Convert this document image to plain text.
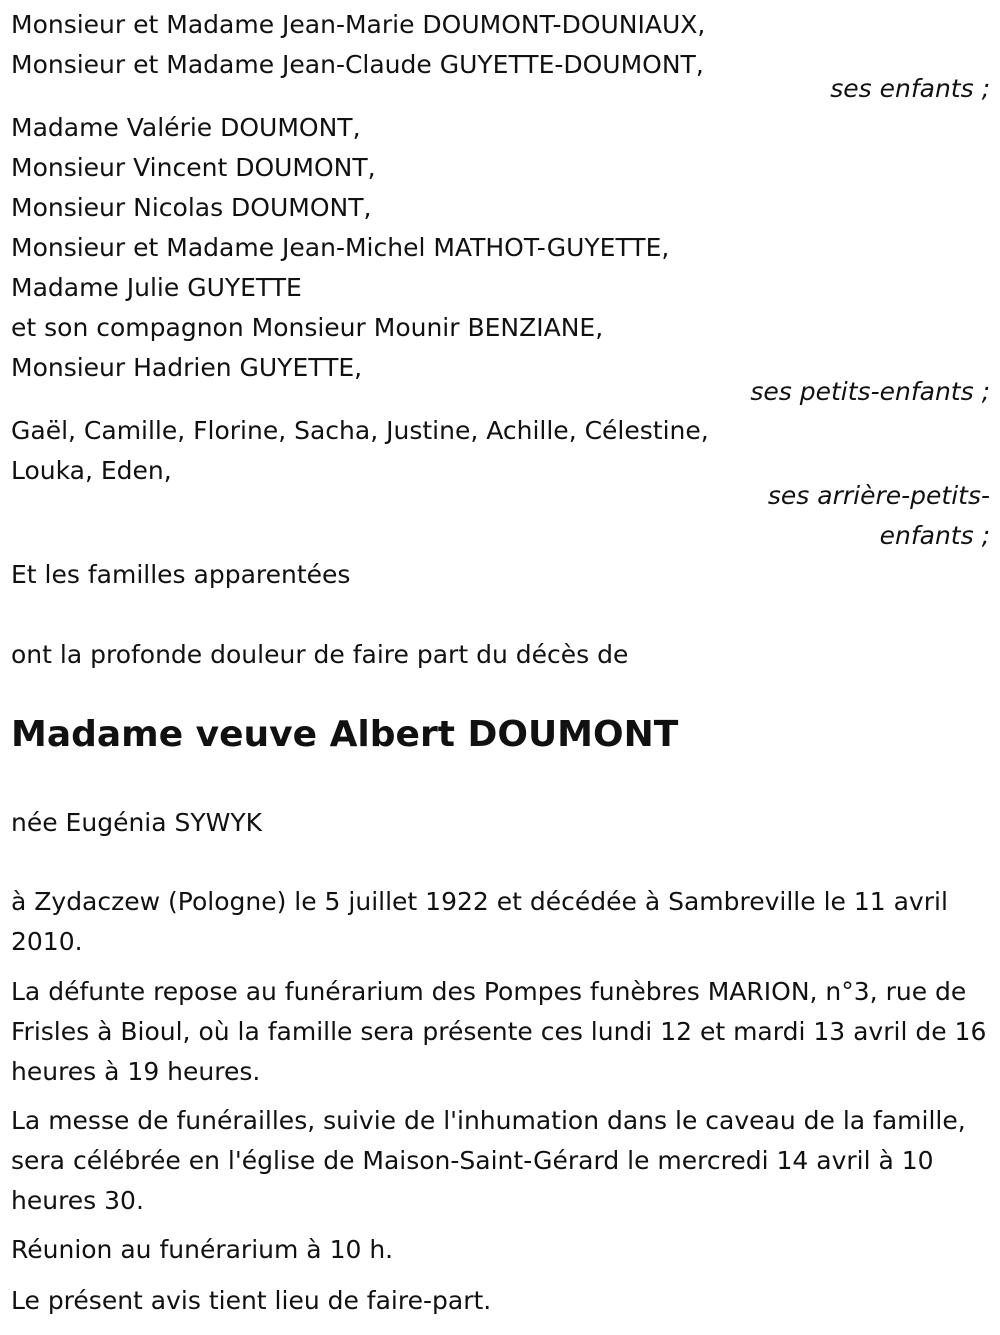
Monsieur et Madame Jean-Marie DOUMONT-DOUNIAUX,
Monsieur et Madame Jean-Claude GUYETTE-DOUMONT,
ses enfants ;
Madame Valérie DOUMONT,
Monsieur Vincent DOUMONT,
Monsieur Nicolas DOUMONT,
Monsieur et Madame Jean-Michel MATHOT-GUYETTE,
Madame Julie GUYETTE
et son compagnon Monsieur Mounir BENZIANE,
Monsieur Hadrien GUYETTE,
ses petits-enfants ;
Gaël, Camille, Florine, Sacha, Justine, Achille, Célestine,
Louka, Eden,
ses arrière-petits-
enfants ;
Et les familles apparentées
ont la profonde douleur de faire part du décès de
Madame veuve Albert DOUMONT
née Eugénia SYWYK
à Zydaczew (Pologne) le 5 juillet 1922 et décédée à Sambreville le 11 avril 2010.
La défunte repose au funérarium des Pompes funèbres MARION, n°3, rue de Frisles à Bioul, où la famille sera présente ces lundi 12 et mardi 13 avril de 16 heures à 19 heures.
La messe de funérailles, suivie de l'inhumation dans le caveau de la famille, sera célébrée en l'église de Maison-Saint-Gérard le mercredi 14 avril à 10 heures 30.
Réunion au funérarium à 10 h.
Le présent avis tient lieu de faire-part.
